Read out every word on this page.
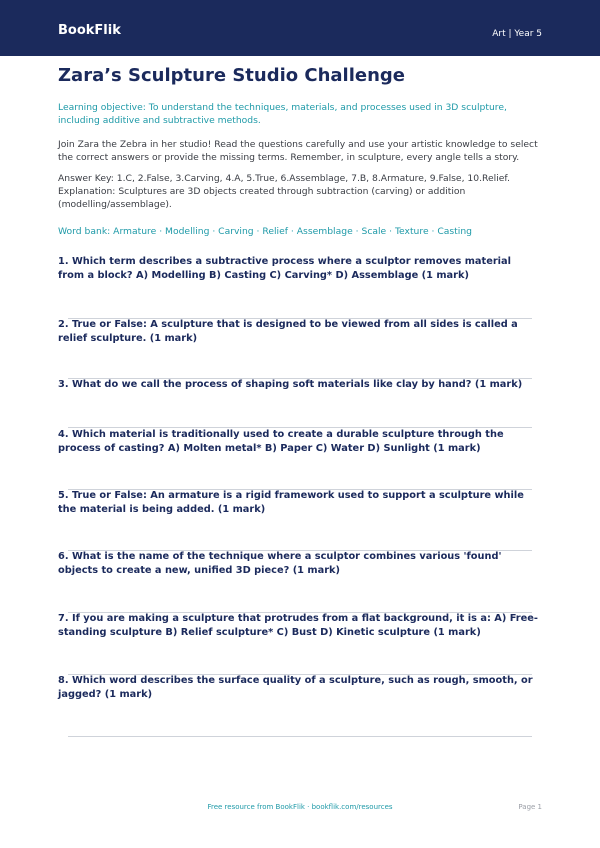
BookFlik	Art | Year 5
Zara’s Sculpture Studio Challenge

Learning objective: To understand the techniques, materials, and processes used in 3D sculpture, including additive and subtractive methods.

Join Zara the Zebra in her studio! Read the questions carefully and use your artistic knowledge to select the correct answers or provide the missing terms. Remember, in sculpture, every angle tells a story.

Answer Key: 1.C, 2.False, 3.Carving, 4.A, 5.True, 6.Assemblage, 7.B, 8.Armature, 9.False, 10.Relief.
Explanation: Sculptures are 3D objects created through subtraction (carving) or addition (modelling/assemblage).

Word bank: Armature · Modelling · Carving · Relief · Assemblage · Scale · Texture · Casting

1. Which term describes a subtractive process where a sculptor removes material from a block? A) Modelling B) Casting C) Carving* D) Assemblage (1 mark)

2. True or False: A sculpture that is designed to be viewed from all sides is called a relief sculpture. (1 mark)

3. What do we call the process of shaping soft materials like clay by hand? (1 mark)

4. Which material is traditionally used to create a durable sculpture through the process of casting? A) Molten metal* B) Paper C) Water D) Sunlight (1 mark)

5. True or False: An armature is a rigid framework used to support a sculpture while the material is being added. (1 mark)

6. What is the name of the technique where a sculptor combines various 'found' objects to create a new, unified 3D piece? (1 mark)

7. If you are making a sculpture that protrudes from a flat background, it is a: A) Free-standing sculpture B) Relief sculpture* C) Bust D) Kinetic sculpture (1 mark)

8. Which word describes the surface quality of a sculpture, such as rough, smooth, or jagged? (1 mark)

Free resource from BookFlik · bookflik.com/resources	Page 1
